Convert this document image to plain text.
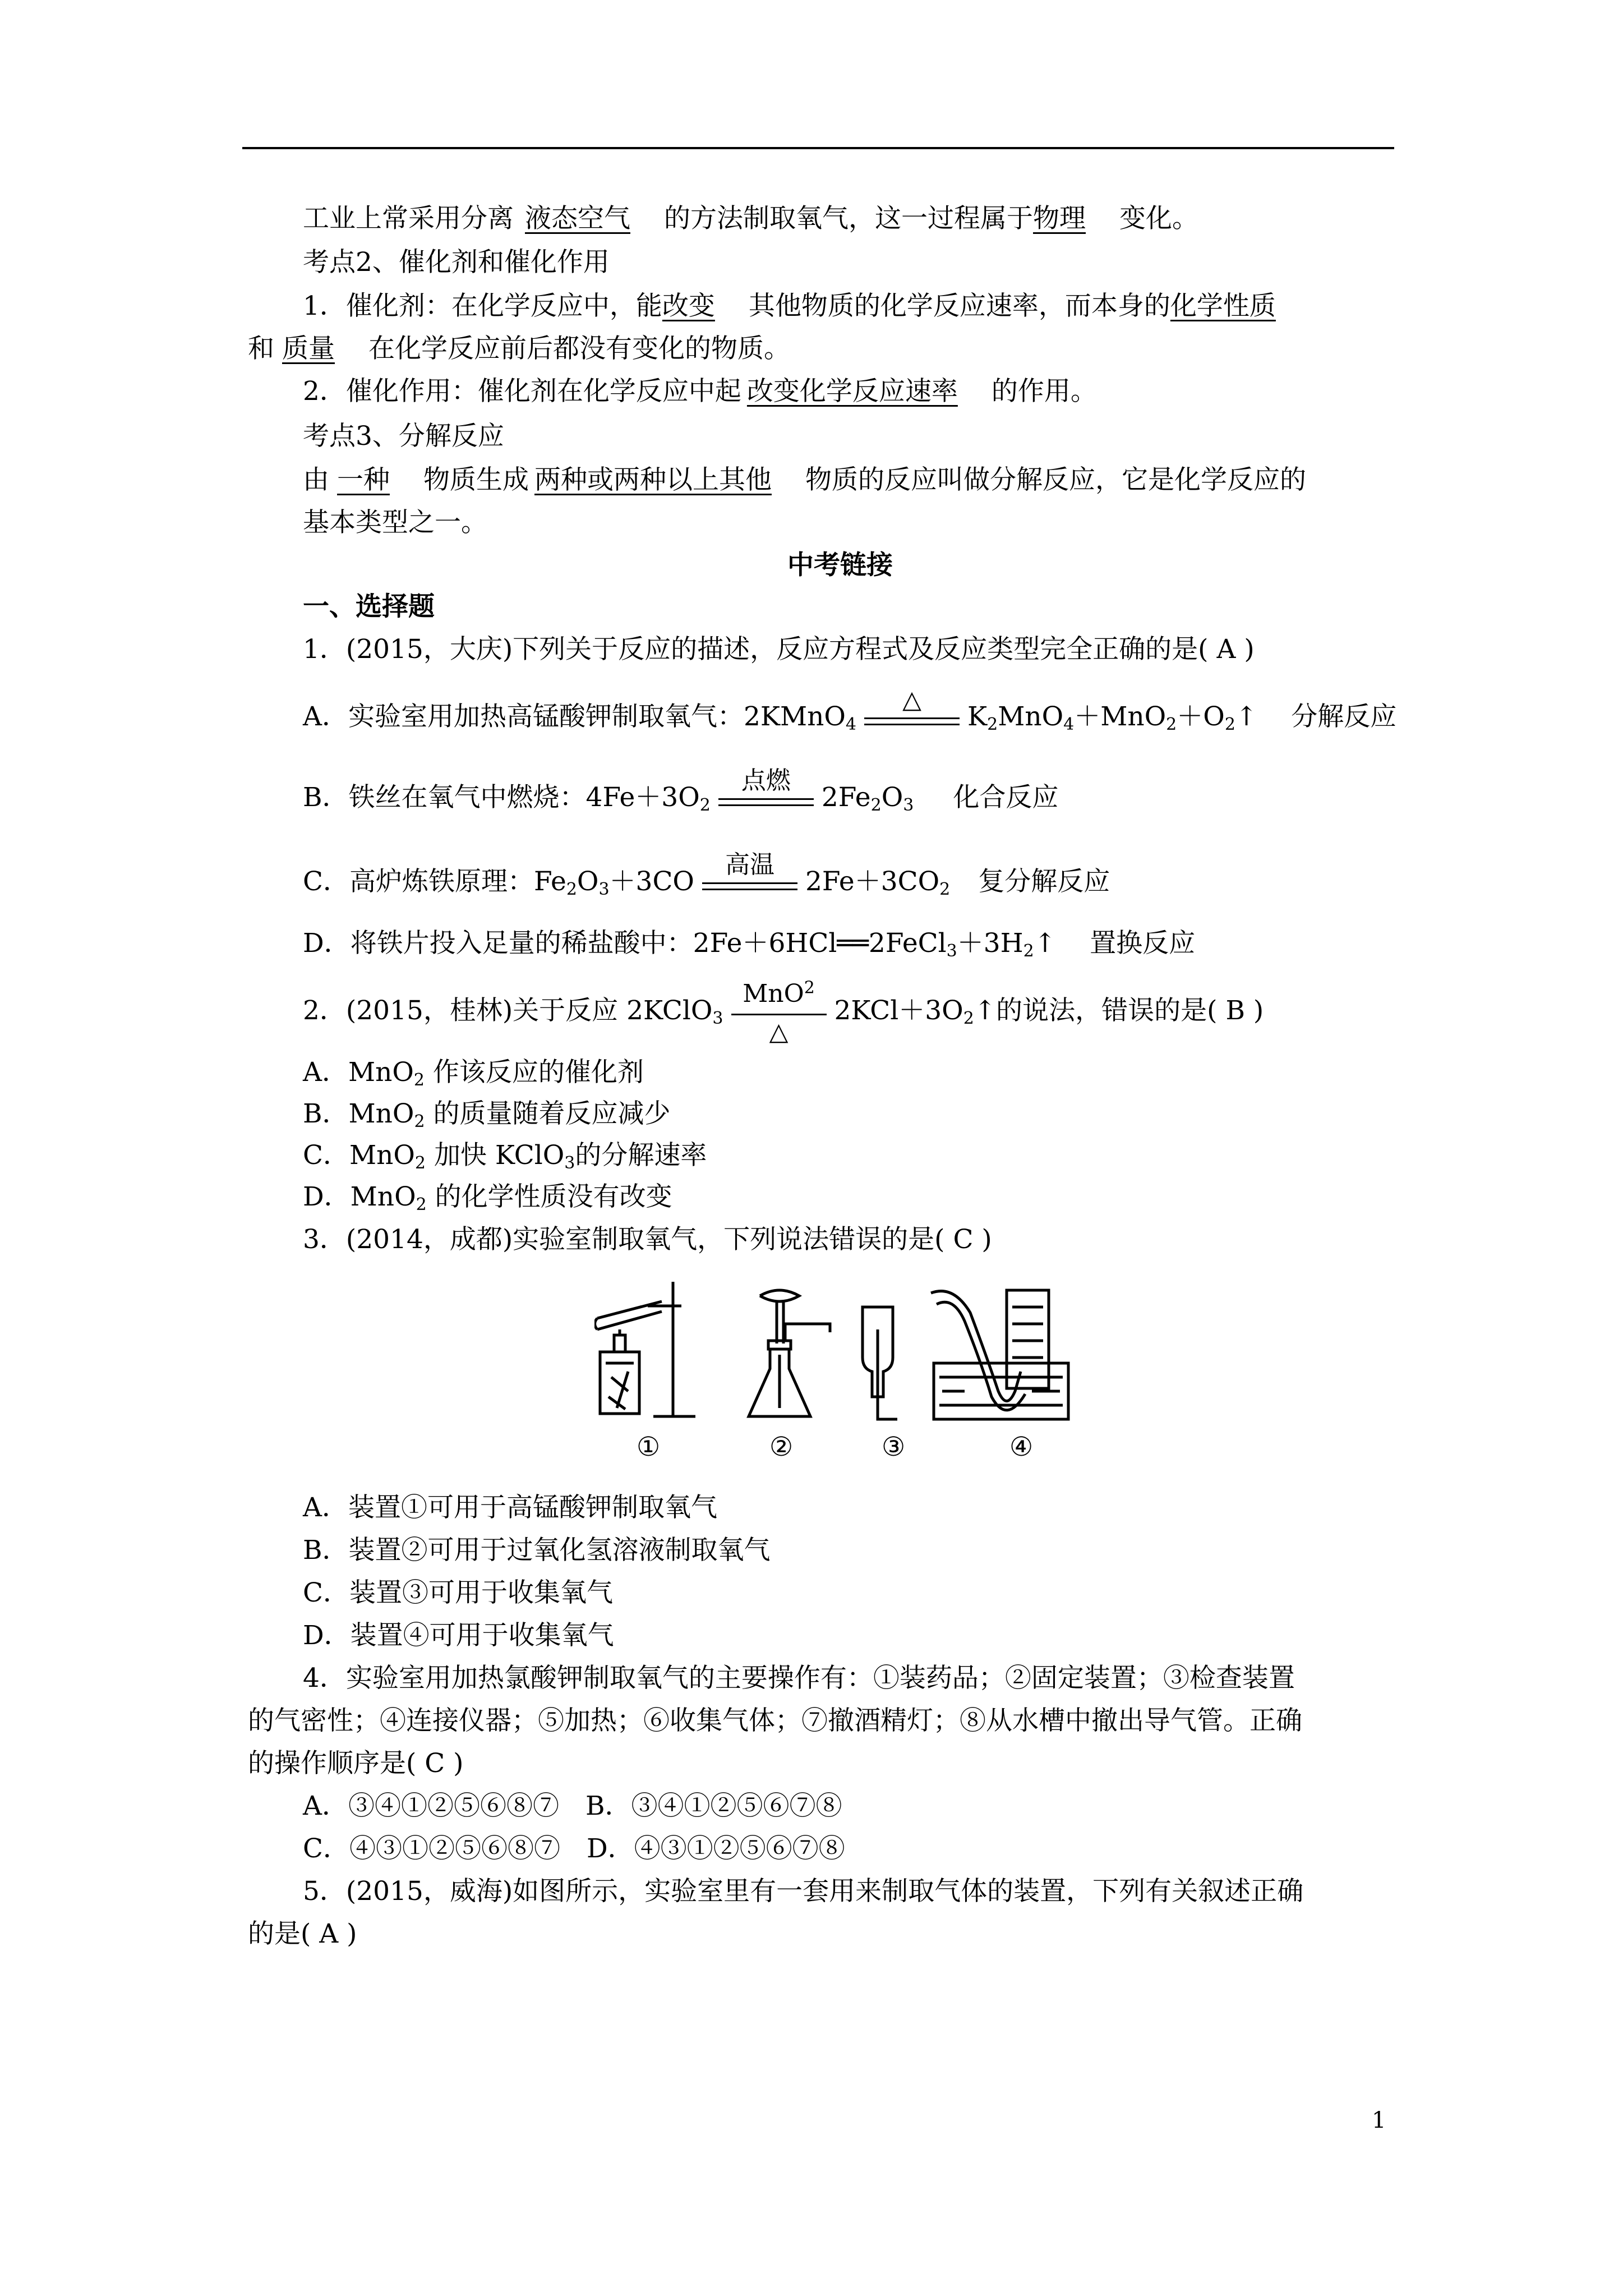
工业上常采用分离 液态空气 的方法制取氧气，这一过程属于物理 变化。
考点2、催化剂和催化作用
1．催化剂：在化学反应中，能改变 其他物质的化学反应速率，而本身的化学性质
和 质量 在化学反应前后都没有变化的物质。
2．催化作用：催化剂在化学反应中起 改变化学反应速率 的作用。
考点3、分解反应
由 一种 物质生成 两种或两种以上其他 物质的反应叫做分解反应，它是化学反应的
基本类型之一。
中考链接
一、选择题
1．(2015，大庆)下列关于反应的描述，反应方程式及反应类型完全正确的是( A )
A．实验室用加热高锰酸钾制取氧气：2KMnO$_4$
△
$K_2MnO_4+MnO_2+O_2↑$ 分解反应
B．铁丝在氧气中燃烧：$4Fe+3O_2$
点燃
$2Fe_2O_3$ 化合反应
C．高炉炼铁原理：$Fe_2O_3+3CO$
高温
$2Fe+3CO_2$ 复分解反应
D．将铁片投入足量的稀盐酸中：$2Fe+6HCl══2FeCl_3+3H_2↑$ 置换反应
2．(2015，桂林)关于反应 2KClO$_3$
MnO$^2$
△
$2KCl+3O_2↑$的说法，错误的是( B )
A．MnO$_2$ 作该反应的催化剂
B．MnO$_2$ 的质量随着反应减少
C．MnO$_2$ 加快 KClO$_3$的分解速率
D．MnO$_2$ 的化学性质没有改变
3．(2014，成都)实验室制取氧气，下列说法错误的是( C )
①	②	③	④
A．装置①可用于高锰酸钾制取氧气
B．装置②可用于过氧化氢溶液制取氧气
C．装置③可用于收集氧气
D．装置④可用于收集氧气
4．实验室用加热氯酸钾制取氧气的主要操作有：①装药品；②固定装置；③检查装置
的气密性；④连接仪器；⑤加热；⑥收集气体；⑦撤酒精灯；⑧从水槽中撤出导气管。正确
的操作顺序是( C )
A．③④①②⑤⑥⑧⑦　B．③④①②⑤⑥⑦⑧
C．④③①②⑤⑥⑧⑦　D．④③①②⑤⑥⑦⑧
5．(2015，威海)如图所示，实验室里有一套用来制取气体的装置，下列有关叙述正确
的是( A )
1
